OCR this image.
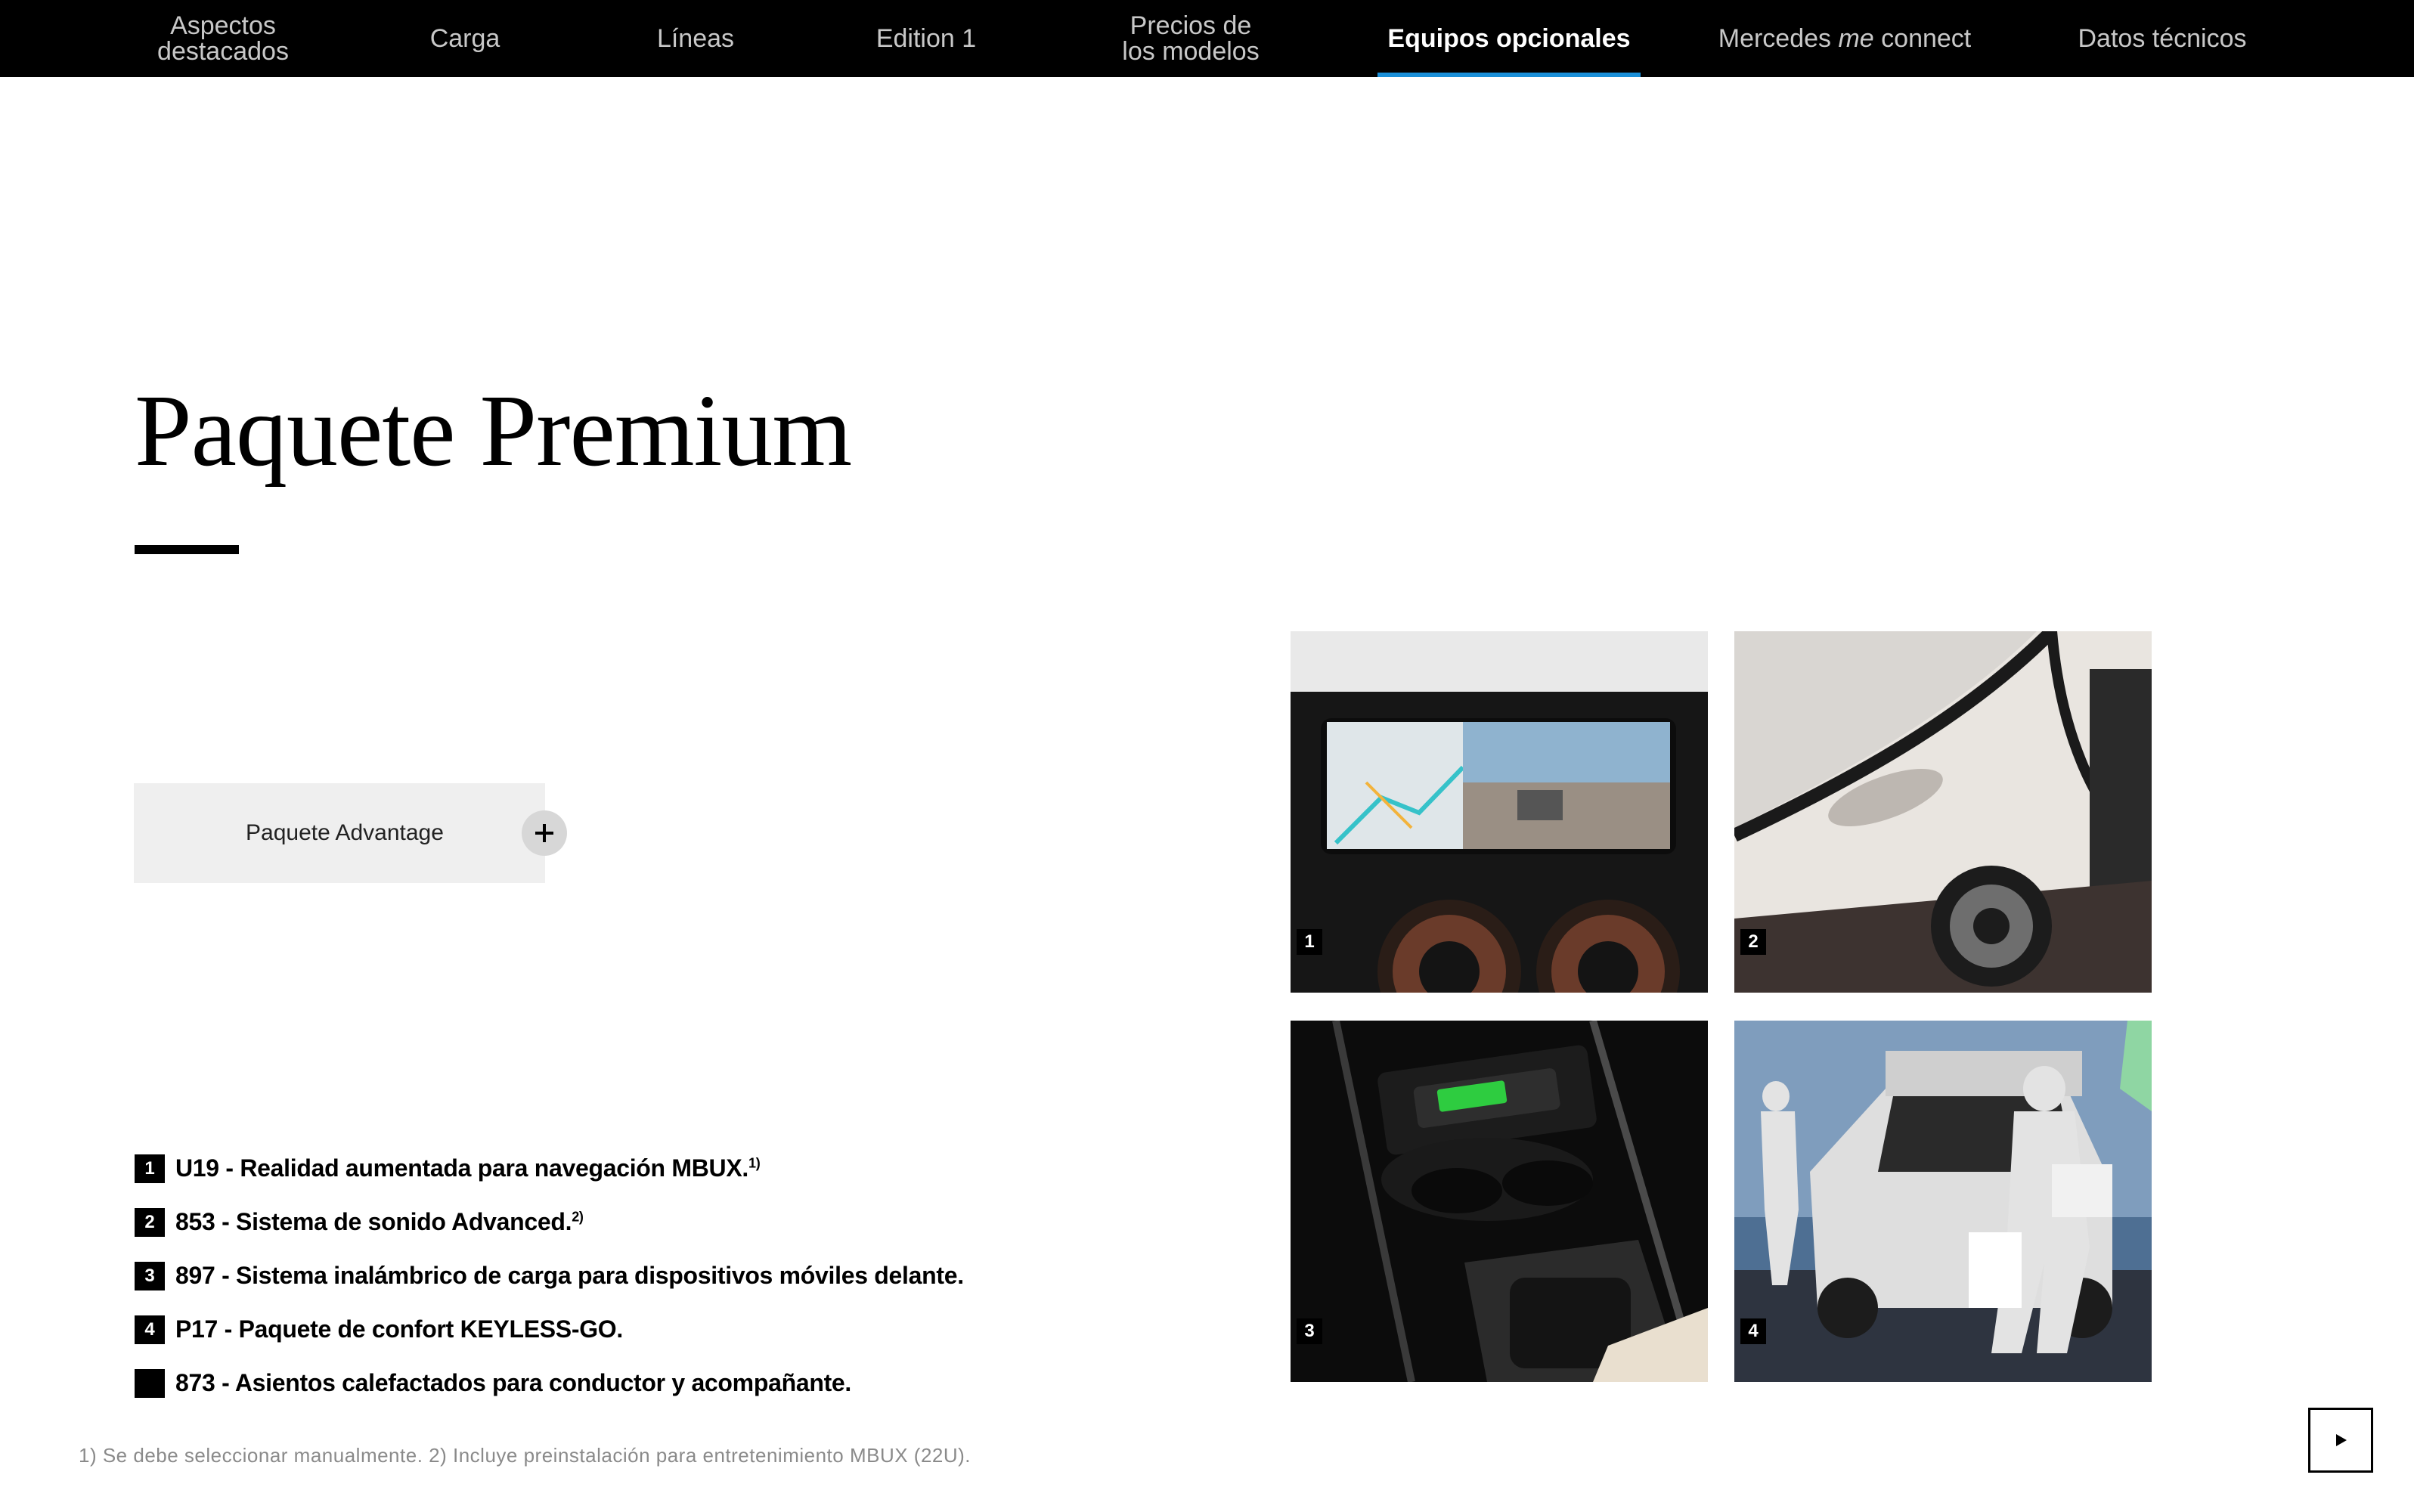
Aspectos
destacados	Carga	Líneas	Edition 1	Precios de
los modelos	Equipos opcionales	Mercedes me connect	Datos técnicos
Paquete Premium
Paquete Advantage
1 U19 - Realidad aumentada para navegación MBUX.$^{1)}$
2 853 - Sistema de sonido Advanced.$^{2)}$
3 897 - Sistema inalámbrico de carga para dispositivos móviles delante.
4 P17 - Paquete de confort KEYLESS-GO.
873 - Asientos calefactados para conductor y acompañante.
1) Se debe seleccionar manualmente. 2) Incluye preinstalación para entretenimiento MBUX (22U).
1	2
3	4
